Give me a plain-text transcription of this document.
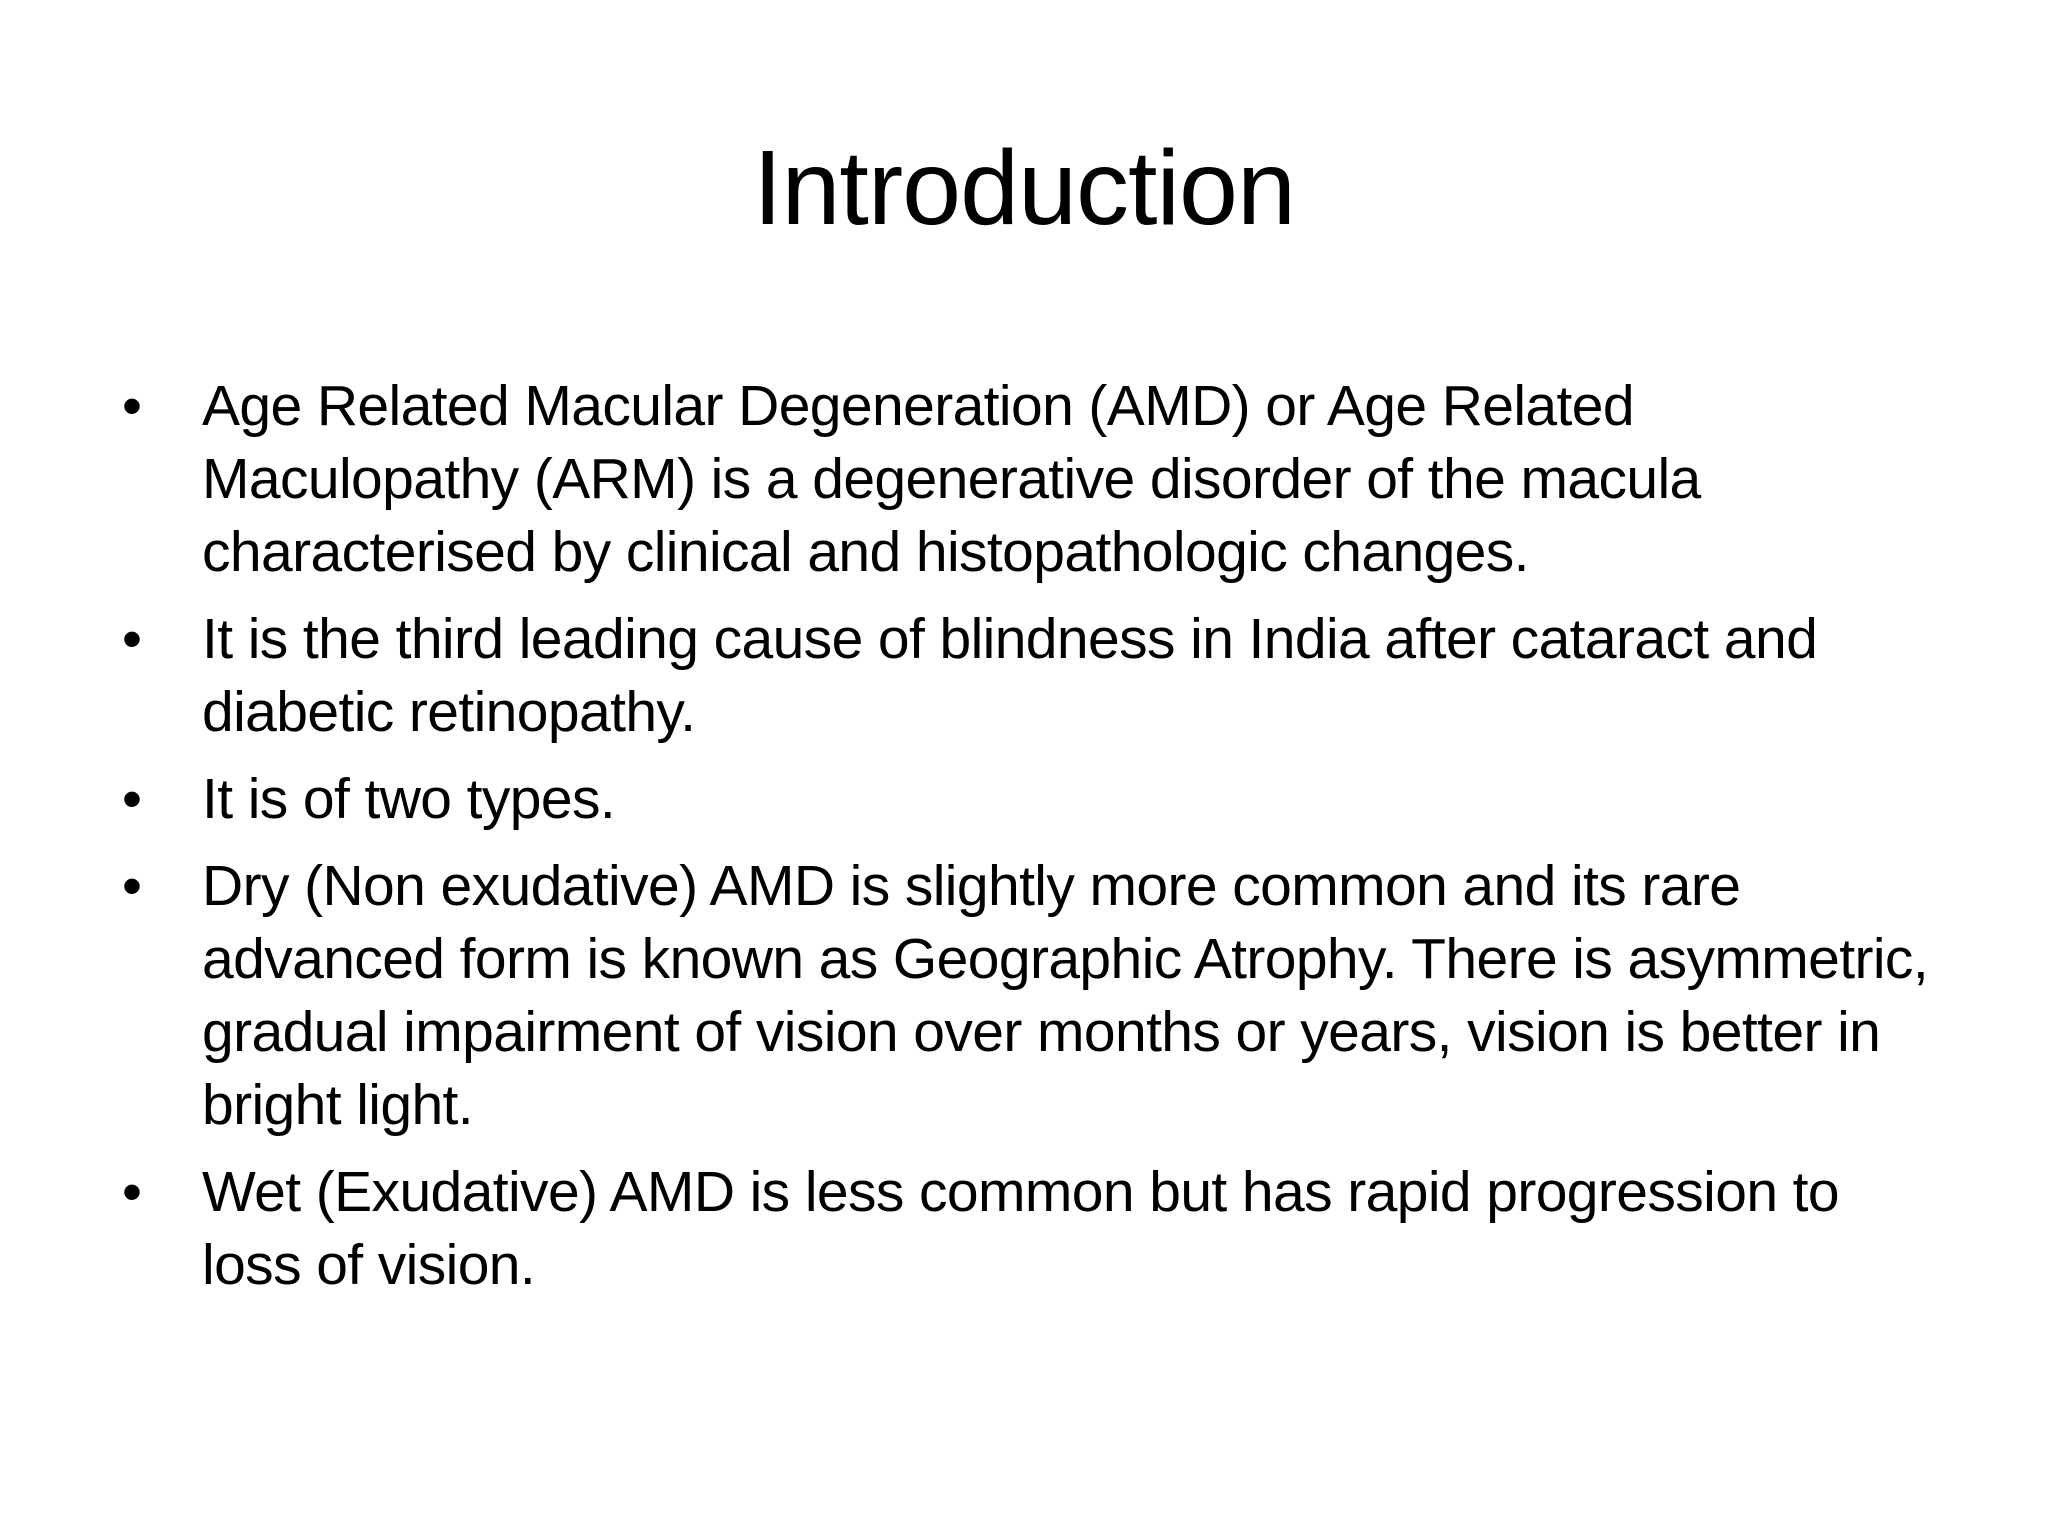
Introduction
• Age Related Macular Degeneration (AMD) or Age Related Maculopathy (ARM) is a degenerative disorder of the macula characterised by clinical and histopathologic changes.
• It is the third leading cause of blindness in India after cataract and diabetic retinopathy.
• It is of two types.
• Dry (Non exudative) AMD is slightly more common and its rare advanced form is known as Geographic Atrophy. There is asymmetric, gradual impairment of vision over months or years, vision is better in bright light.
• Wet (Exudative) AMD is less common but has rapid progression to loss of vision.
